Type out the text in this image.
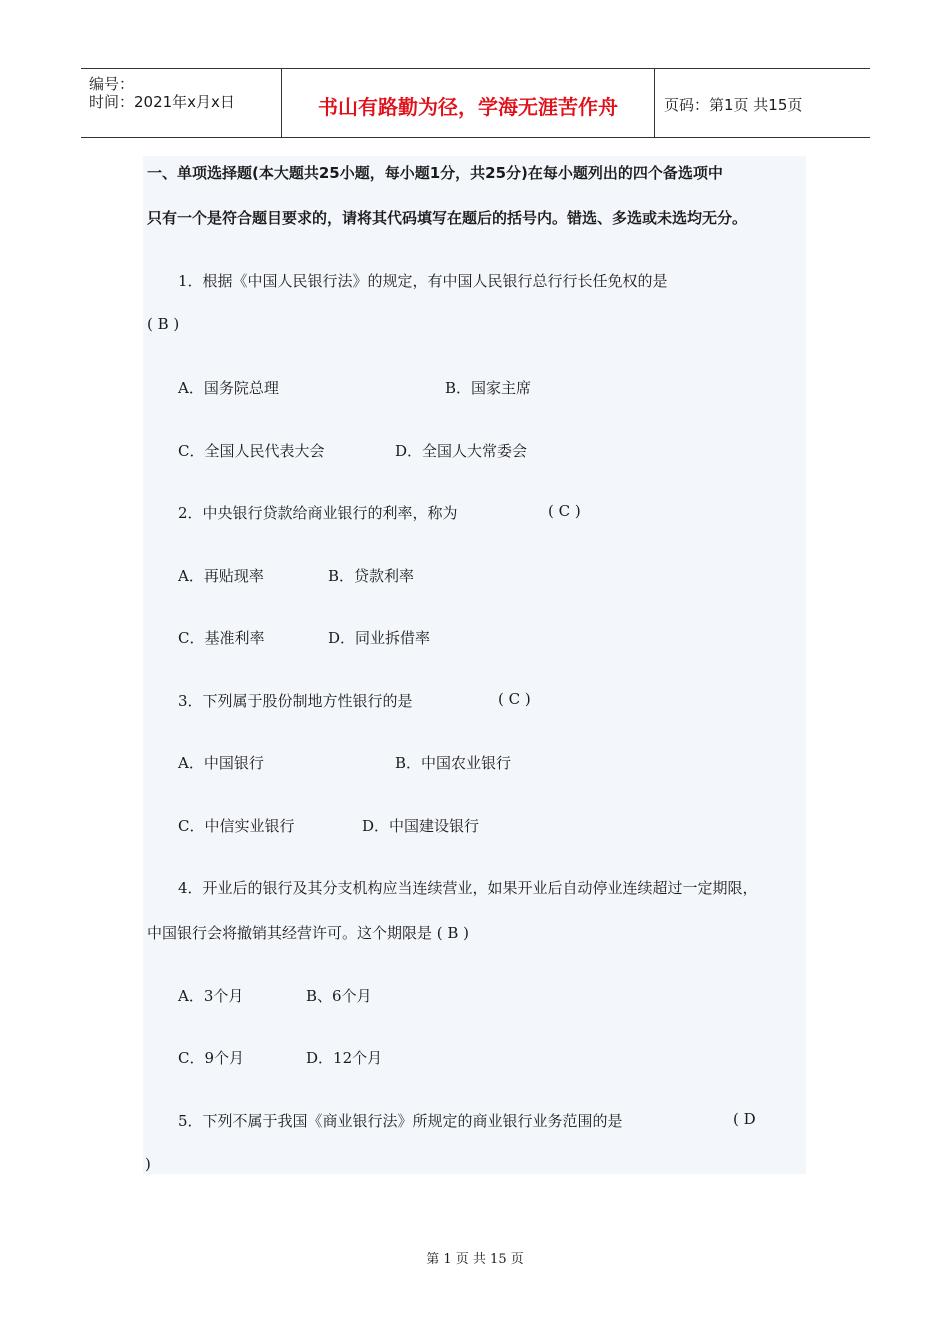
编号：
时间：2021年x月x日	书山有路勤为径，学海无涯苦作舟	页码：第1页 共15页
一、单项选择题(本大题共25小题，每小题1分，共25分)在每小题列出的四个备选项中
只有一个是符合题目要求的，请将其代码填写在题后的括号内。错选、多选或未选均无分。
1．根据《中国人民银行法》的规定，有中国人民银行总行行长任免权的是
( B )
A．国务院总理	B．国家主席
C．全国人民代表大会	D．全国人大常委会
2．中央银行贷款给商业银行的利率，称为	( C )
A．再贴现率	B．贷款利率
C．基准利率	D．同业拆借率
3．下列属于股份制地方性银行的是	( C )
A．中国银行	B．中国农业银行
C．中信实业银行	D．中国建设银行
4．开业后的银行及其分支机构应当连续营业，如果开业后自动停业连续超过一定期限，
中国银行会将撤销其经营许可。这个期限是 ( B )
A．3个月	B、6个月
C．9个月	D．12个月
5．下列不属于我国《商业银行法》所规定的商业银行业务范围的是	( D
)
第 1 页 共 15 页
